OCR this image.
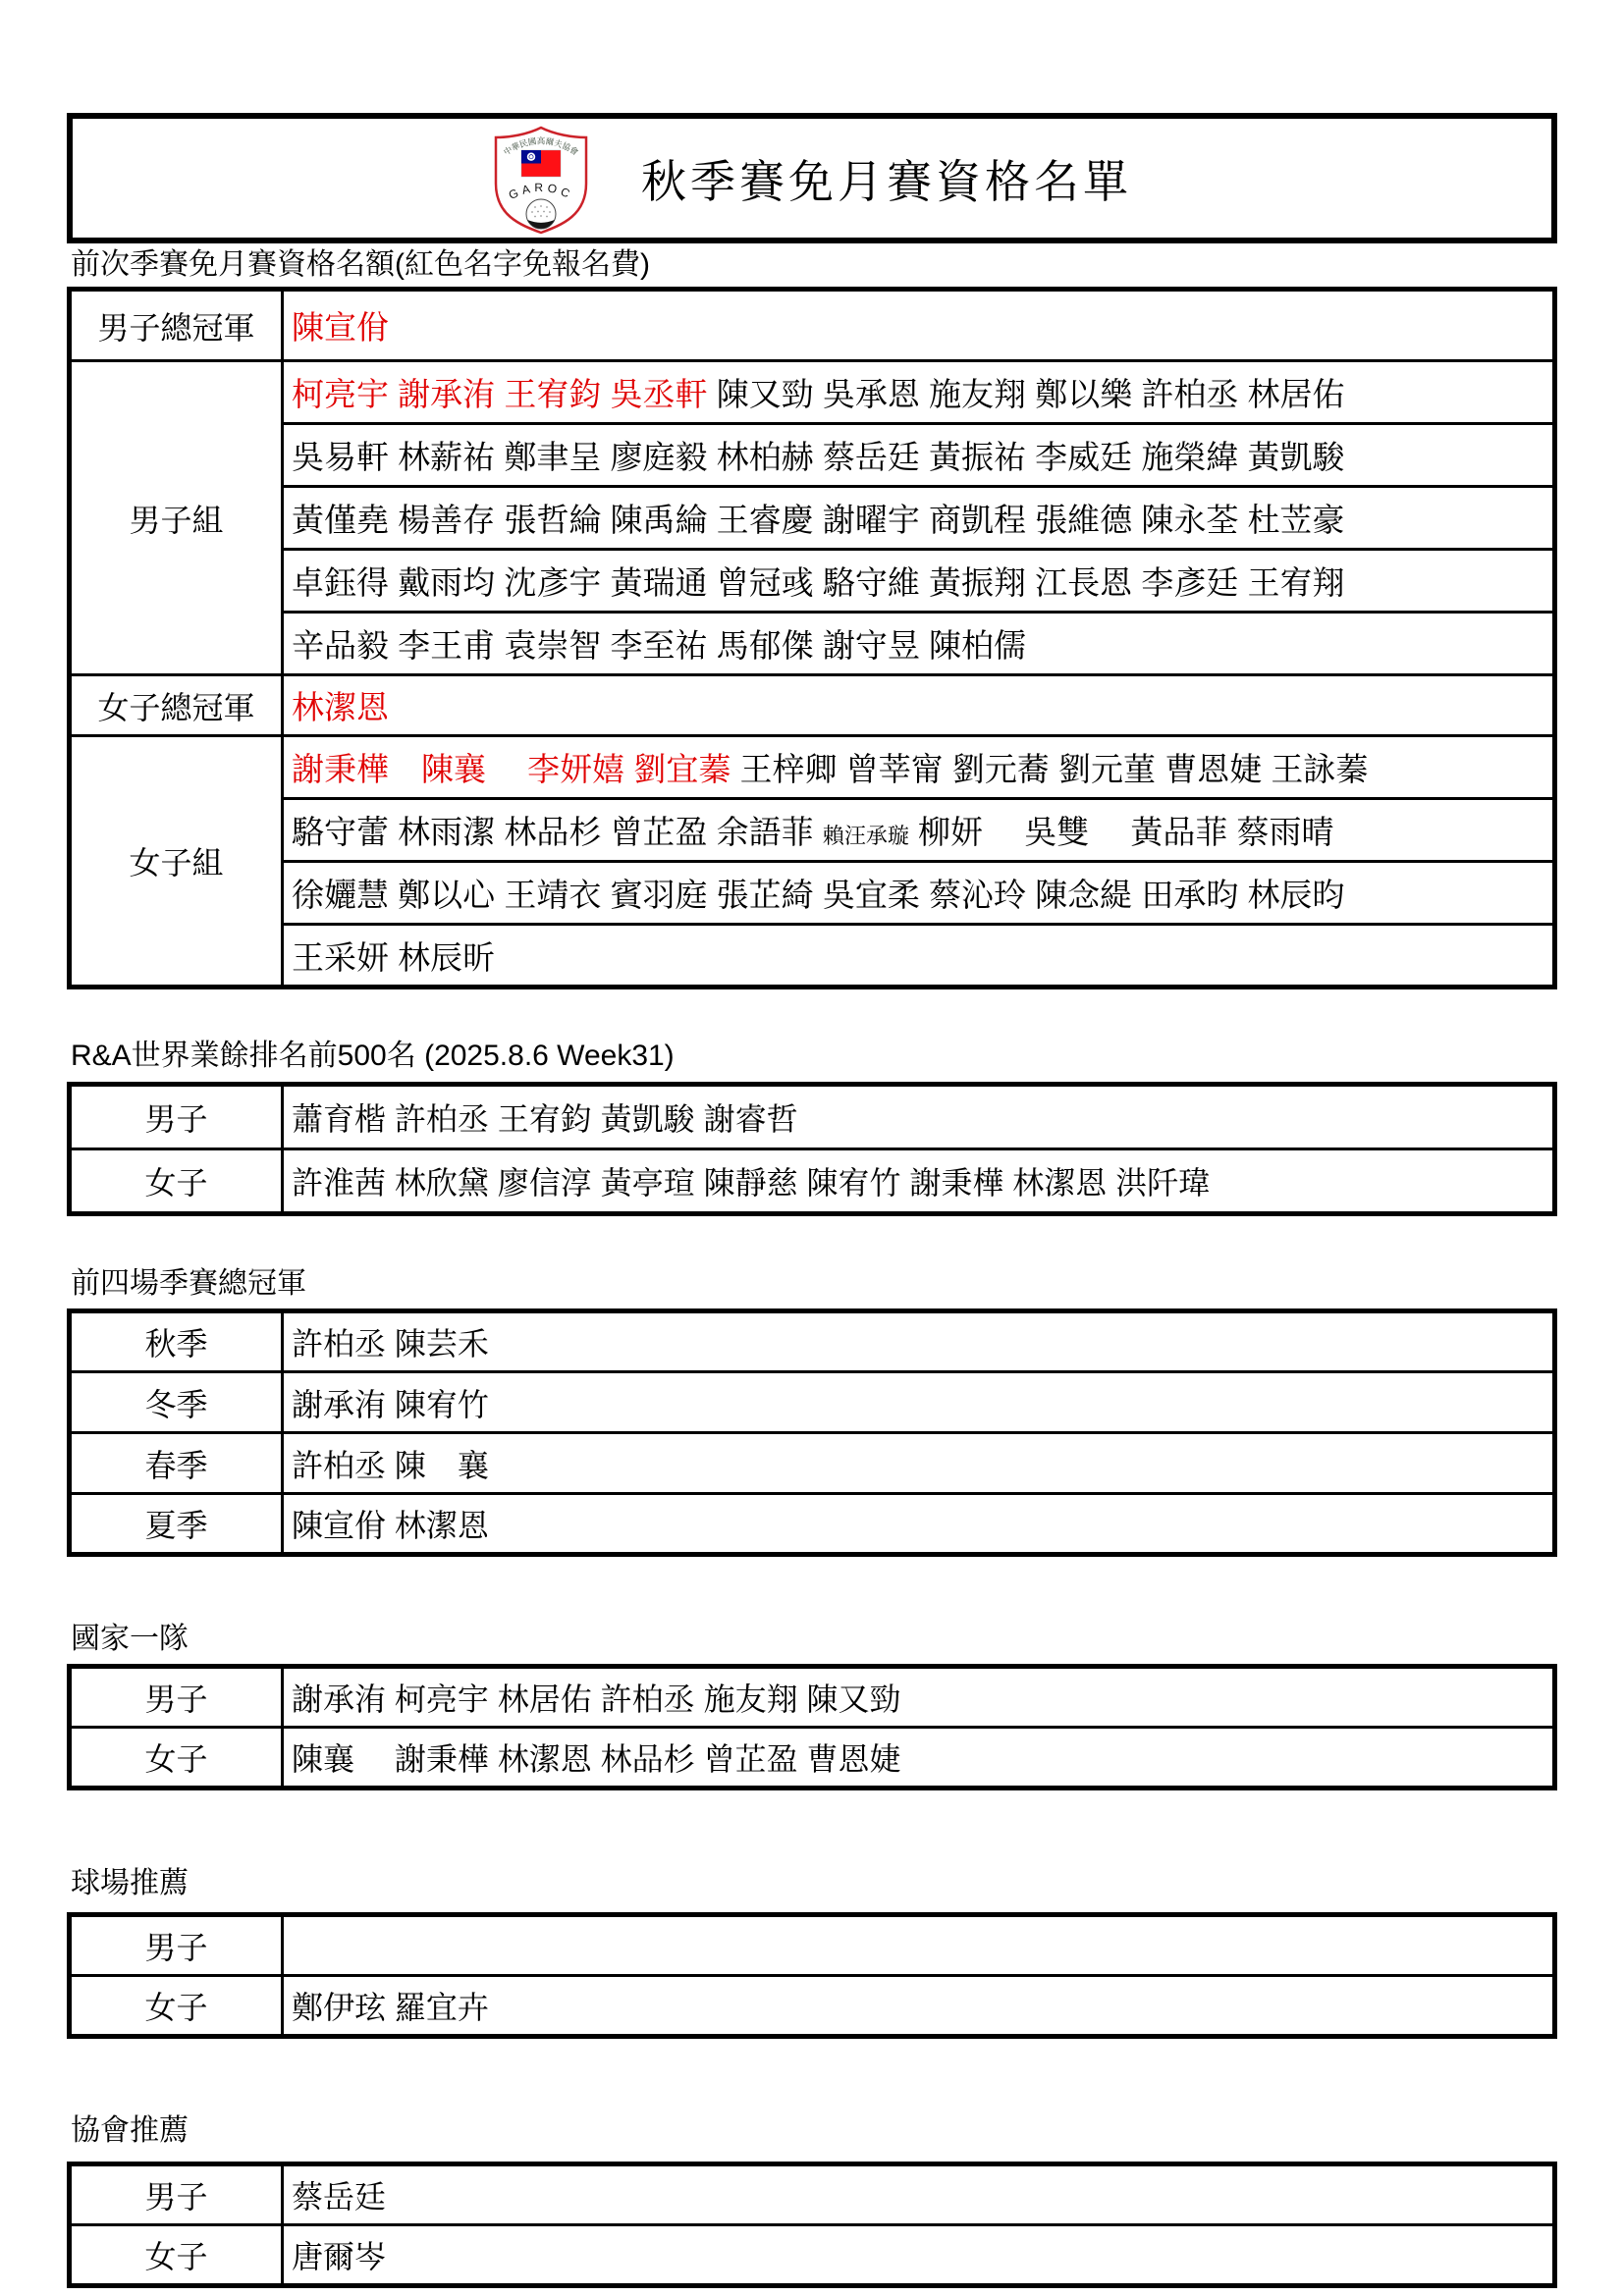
中華民國高爾夫協會
GAROC 秋季賽免月賽資格名單
前次季賽免月賽資格名額(紅色名字免報名費)
男子總冠軍	陳宣佾
男子組	柯亮宇 謝承洧 王宥鈞 吳丞軒 陳又勁 吳承恩 施友翔 鄭以樂 許柏丞 林居佑
	吳易軒 林薪祐 鄭聿呈 廖庭毅 林柏赫 蔡岳廷 黃振祐 李威廷 施榮緯 黃凱駿
	黃僅堯 楊善存 張哲綸 陳禹綸 王睿慶 謝曜宇 商凱程 張維德 陳永荃 杜苙豪
	卓鈺得 戴雨均 沈彥宇 黃瑞通 曾冠彧 駱守維 黃振翔 江長恩 李彥廷 王宥翔
	辛品毅 李王甫 袁崇智 李至祐 馬郁傑 謝守昱 陳柏儒
女子總冠軍	林潔恩
女子組	謝秉樺　陳襄　 李妍嬉 劉宜蓁 王梓卿 曾莘甯 劉元蕎 劉元菫 曹恩婕 王詠蓁
	駱守蕾 林雨潔 林品杉 曾芷盈 余語菲 賴汪承璇 柳妍　 吳雙　 黃品菲 蔡雨晴
	徐孋慧 鄭以心 王靖衣 賓羽庭 張芷綺 吳宜柔 蔡沁玲 陳念緹 田承昀 林辰昀
	王采妍 林辰昕
R&A世界業餘排名前500名 (2025.8.6 Week31)
男子	蕭育楷 許柏丞 王宥鈞 黃凱駿 謝睿哲
女子	許淮茜 林欣黛 廖信淳 黃亭瑄 陳靜慈 陳宥竹 謝秉樺 林潔恩 洪阡瑋
前四場季賽總冠軍
秋季	許柏丞 陳芸禾
冬季	謝承洧 陳宥竹
春季	許柏丞 陳　襄
夏季	陳宣佾 林潔恩
國家一隊
男子	謝承洧 柯亮宇 林居佑 許柏丞 施友翔 陳又勁
女子	陳襄　 謝秉樺 林潔恩 林品杉 曾芷盈 曹恩婕
球場推薦
男子	
女子	鄭伊玹 羅宜卉
協會推薦
男子	蔡岳廷
女子	唐爾岑
